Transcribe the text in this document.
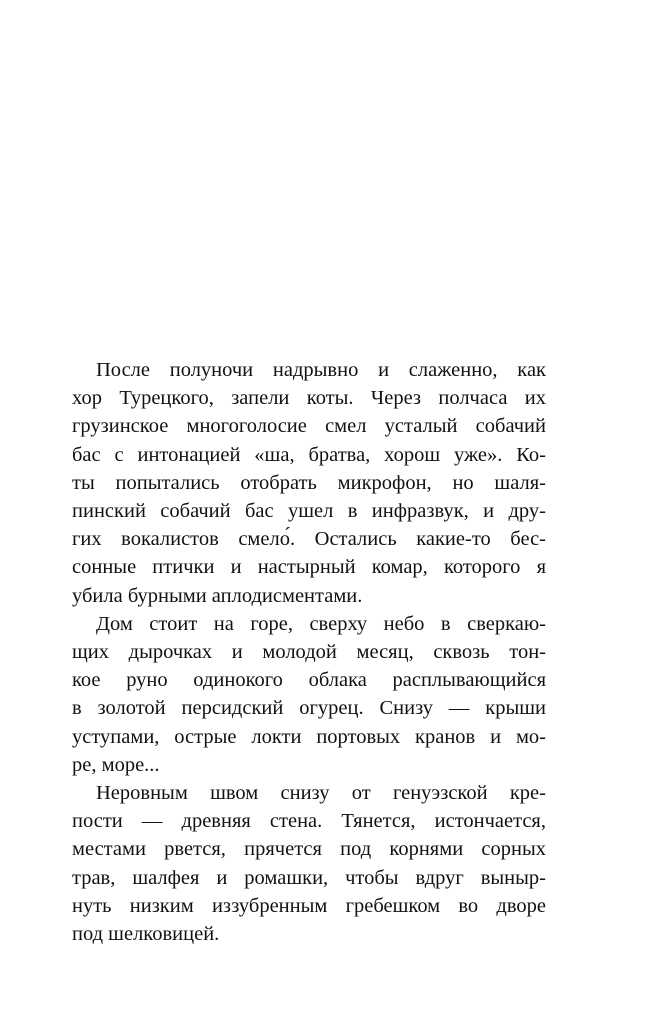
После полуночи надрывно и слаженно, как
хор Турецкого, запели коты. Через полчаса их
грузинское многоголосие смел усталый собачий
бас с интонацией «ша, братва, хорош уже». Ко-
ты попытались отобрать микрофон, но шаля-
пинский собачий бас ушел в инфразвук, и дру-
гих вокалистов смело́. Остались какие-то бес-
сонные птички и настырный комар, которого я
убила бурными аплодисментами.

Дом стоит на горе, сверху небо в сверкаю-
щих дырочках и молодой месяц, сквозь тон-
кое руно одинокого облака расплывающийся
в золотой персидский огурец. Снизу — крыши
уступами, острые локти портовых кранов и мо-
ре, море...

Неровным швом снизу от генуэзской кре-
пости — древняя стена. Тянется, истончается,
местами рвется, прячется под корнями сорных
трав, шалфея и ромашки, чтобы вдруг выныр-
нуть низким иззубренным гребешком во дворе
под шелковицей.
